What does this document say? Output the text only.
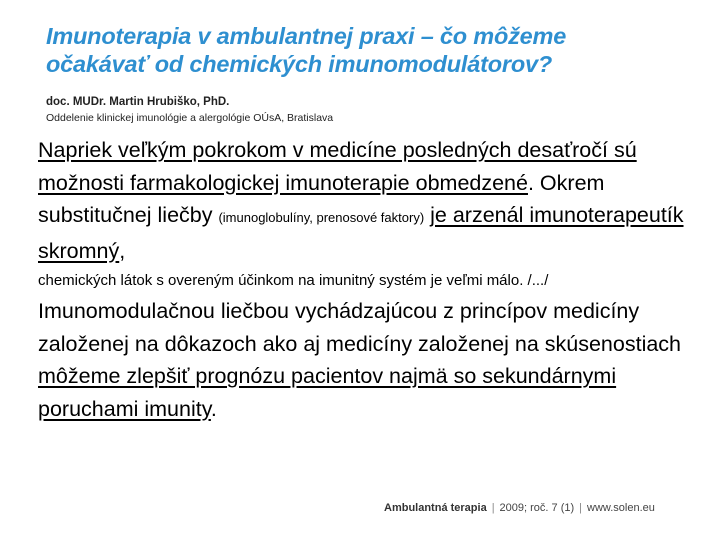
Imunoterapia v ambulantnej praxi – čo môžeme
očakávať od chemických imunomodulátorov?
doc. MUDr. Martin Hrubiško, PhD.
Oddelenie klinickej imunológie a alergológie OÚsA, Bratislava
Napriek veľkým pokrokom v medicíne posledných desaťročí sú možnosti farmakologickej imunoterapie obmedzené. Okrem substitučnej liečby (imunoglobulíny, prenosové faktory) je arzenál imunoterapeutík skromný,
chemických látok s overeným účinkom na imunitný systém je veľmi málo. /.../
Imunomodulačnou liečbou vychádzajúcou z princípov medicíny založenej na dôkazoch ako aj medicíny založenej na skúsenostiach môžeme zlepšiť prognózu pacientov najmä so sekundárnymi poruchami imunity.
Ambulantná terapia | 2009; roč. 7 (1) | www.solen.eu
